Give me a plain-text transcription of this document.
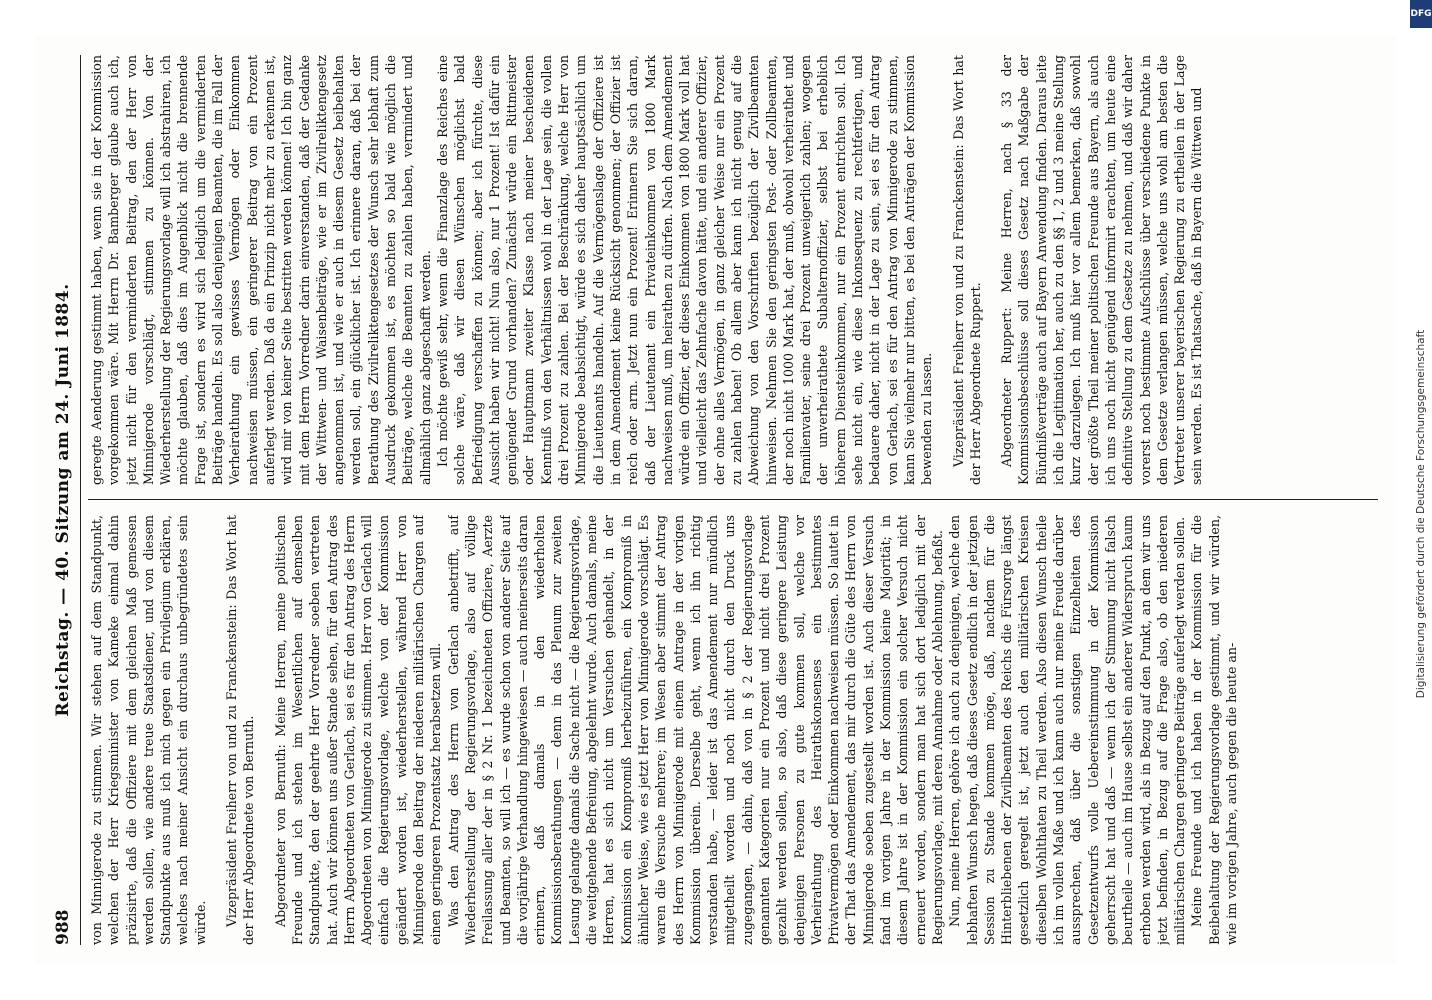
988
Reichstag. — 40. Sitzung am 24. Juni 1884.

von Minnigerode zu stimmen. Wir stehen auf dem Standpunkt, welchen der Herr Kriegsminister von Kameke einmal dahin präzisirte, daß die Offiziere mit dem gleichen Maß gemessen werden sollen, wie andere treue Staatsdiener, und von diesem Standpunkte aus muß ich mich gegen ein Privilegium erklären, welches nach meiner Ansicht ein durchaus unbegründetes sein würde. Vizepräsident Freiherr von und zu Franckenstein: Das Wort hat der Herr Abgeordnete von Bernuth. Abgeordneter von Bernuth: Meine Herren, meine politischen Freunde und ich stehen im Wesentlichen auf demselben Standpunkte, den der geehrte Herr Vorredner soeben vertreten hat. Auch wir können uns außer Stande sehen, für den Antrag des Herrn Abgeordneten von Gerlach, sei es für den Antrag des Herrn Abgeordneten von Minnigerode zu stimmen. Herr von Gerlach will einfach die Regierungsvorlage, welche von der Kommission geändert worden ist, wiederherstellen, während Herr von Minnigerode den Beitrag der niederen militärischen Chargen auf einen geringeren Prozentsatz herabsetzen will. Was den Antrag des Herrn von Gerlach anbetrifft, auf Wiederherstellung der Regierungsvorlage, also auf völlige Freilassung aller der in § 2 Nr. 1 bezeichneten Offiziere, Aerzte und Beamten, so will ich — es wurde schon von anderer Seite auf die vorjährige Verhandlung hingewiesen — auch meinerseits daran erinnern, daß damals in den wiederholten Kommissionsberathungen — denn in das Plenum zur zweiten Lesung gelangte damals die Sache nicht — die Regierungsvorlage, die weitgehende Befreiung, abgelehnt wurde. Auch damals, meine Herren, hat es sich nicht um Versuchen gehandelt, in der Kommission ein Kompromiß herbeizuführen, ein Kompromiß in ähnlicher Weise, wie es jetzt Herr von Minnigerode vorschlägt. Es waren die Versuche mehrere; im Wesen aber stimmt der Antrag des Herrn von Minnigerode mit einem Antrage in der vorigen Kommission überein. Derselbe geht, wenn ich ihn richtig verstanden habe, — leider ist das Amendement nur mündlich mitgetheilt worden und noch nicht durch den Druck uns zugegangen, — dahin, daß von in § 2 der Regierungsvorlage genannten Kategorien nur ein Prozent und nicht drei Prozent gezahlt werden sollen, so also, daß diese geringere Leistung denjenigen Personen zu gute kommen soll, welche vor Verheirathung des Heirathskonsenses ein bestimmtes Privatvermögen oder Einkommen nachweisen müssen. So lautet in der That das Amendement, das mir durch die Güte des Herrn von Minnigerode soeben zugestellt worden ist. Auch dieser Versuch fand im vorigen Jahre in der Kommission keine Majorität; in diesem Jahre ist in der Kommission ein solcher Versuch nicht erneuert worden, sondern man hat sich dort lediglich mit der Regierungsvorlage, mit deren Annahme oder Ablehnung, befaßt. Nun, meine Herren, gehöre ich auch zu denjenigen, welche den lebhaften Wunsch hegen, daß dieses Gesetz endlich in der jetzigen Session zu Stande kommen möge, daß, nachdem für die Hinterbliebenen der Zivilbeamten des Reichs die Fürsorge längst gesetzlich geregelt ist, jetzt auch den militärischen Kreisen dieselben Wohlthaten zu Theil werden. Also diesen Wunsch theile ich im vollen Maße und ich kann auch nur meine Freude darüber aussprechen, daß über die sonstigen Einzelheiten des Gesetzentwurfs volle Uebereinstimmung in der Kommission geherrscht hat und daß — wenn ich der Stimmung nicht falsch beurtheile — auch im Hause selbst ein anderer Widerspruch kaum erhoben werden wird, als in Bezug auf den Punkt, an dem wir uns jetzt befinden, in Bezug auf die Frage also, ob den niederen militärischen Chargen geringere Beiträge auferlegt werden sollen. Meine Freunde und ich haben in der Kommission für die Beibehaltung der Regierungsvorlage gestimmt, und wir würden, wie im vorigen Jahre, auch gegen die heute an-

geregte Aenderung gestimmt haben, wenn sie in der Kommission vorgekommen wäre. Mit Herrn Dr. Bamberger glaube auch ich, jetzt nicht für den verminderten Beitrag, den der Herr von Minnigerode vorschlägt, stimmen zu können. Von der Wiederherstellung der Regierungsvorlage will ich abstrahiren, ich möchte glauben, daß dies im Augenblick nicht die brennende Frage ist, sondern es wird sich lediglich um die verminderten Beiträge handeln. Es soll also denjenigen Beamten, die im Fall der Verheirathung ein gewisses Vermögen oder Einkommen nachweisen müssen, ein geringerer Beitrag von ein Prozent auferlegt werden. Daß da ein Prinzip nicht mehr zu erkennen ist, wird mir von keiner Seite bestritten werden können! Ich bin ganz mit dem Herrn Vorredner darin einverstanden, daß der Gedanke der Wittwen- und Waisenbeiträge, wie er im Zivilreliktengesetz angenommen ist, und wie er auch in diesem Gesetz beibehalten werden soll, ein glücklicher ist. Ich erinnere daran, daß bei der Berathung des Zivilreliktengesetzes der Wunsch sehr lebhaft zum Ausdruck gekommen ist, es möchten so bald wie möglich die Beiträge, welche die Beamten zu zahlen haben, vermindert und allmählich ganz abgeschafft werden. Ich möchte gewiß sehr, wenn die Finanzlage des Reiches eine solche wäre, daß wir diesen Wünschen möglichst bald Befriedigung verschaffen zu können; aber ich fürchte, diese Aussicht haben wir nicht! Nun also, nur 1 Prozent! Ist dafür ein genügender Grund vorhanden? Zunächst würde ein Rittmeister oder Hauptmann zweiter Klasse nach meiner bescheidenen Kenntniß von den Verhältnissen wohl in der Lage sein, die vollen drei Prozent zu zahlen. Bei der Beschränkung, welche Herr von Minnigerode beabsichtigt, würde es sich daher hauptsächlich um die Lieutenants handeln. Auf die Vermögenslage der Offiziere ist in dem Amendement keine Rücksicht genommen; der Offizier ist reich oder arm. Jetzt nun ein Prozent! Erinnern Sie sich daran, daß der Lieutenant ein Privateinkommen von 1800 Mark nachweisen muß, um heirathen zu dürfen. Nach dem Amendement würde ein Offizier, der dieses Einkommen von 1800 Mark voll hat und vielleicht das Zehnfache davon hätte, und ein anderer Offizier, der ohne alles Vermögen, in ganz gleicher Weise nur ein Prozent zu zahlen haben! Ob allem aber kann ich nicht genug auf die Abweichung von den Vorschriften bezüglich der Zivilbeamten hinweisen. Nehmen Sie den geringsten Post- oder Zollbeamten, der noch nicht 1000 Mark hat, der muß, obwohl verheirathet und Familienvater, seine drei Prozent unweigerlich zahlen; wogegen der unverheirathete Subalternoffizier, selbst bei erheblich höherem Diensteinkommen, nur ein Prozent entrichten soll. Ich sehe nicht ein, wie diese Inkonsequenz zu rechtfertigen, und bedauere daher, nicht in der Lage zu sein, sei es für den Antrag von Gerlach, sei es für den Antrag von Minnigerode zu stimmen, kann Sie vielmehr nur bitten, es bei den Anträgen der Kommission bewenden zu lassen. Vizepräsident Freiherr von und zu Franckenstein: Das Wort hat der Herr Abgeordnete Ruppert. Abgeordneter Ruppert: Meine Herren, nach § 33 der Kommissionsbeschlüsse soll dieses Gesetz nach Maßgabe der Bündnißverträge auch auf Bayern Anwendung finden. Daraus leite ich die Legitimation her, auch zu den §§ 1, 2 und 3 meine Stellung kurz darzulegen. Ich muß hier vor allem bemerken, daß sowohl der größte Theil meiner politischen Freunde aus Bayern, als auch ich uns noch nicht genügend informirt erachten, um heute eine definitive Stellung zu dem Gesetze zu nehmen, und daß wir daher vorerst noch bestimmte Aufschlüsse über verschiedene Punkte in dem Gesetze verlangen müssen, welche uns wohl am besten die Vertreter unserer bayerischen Regierung zu ertheilen in der Lage sein werden. Es ist Thatsache, daß in Bayern die Wittwen und

DFG
Digitalisierung gefördert durch die Deutsche Forschungsgemeinschaft
